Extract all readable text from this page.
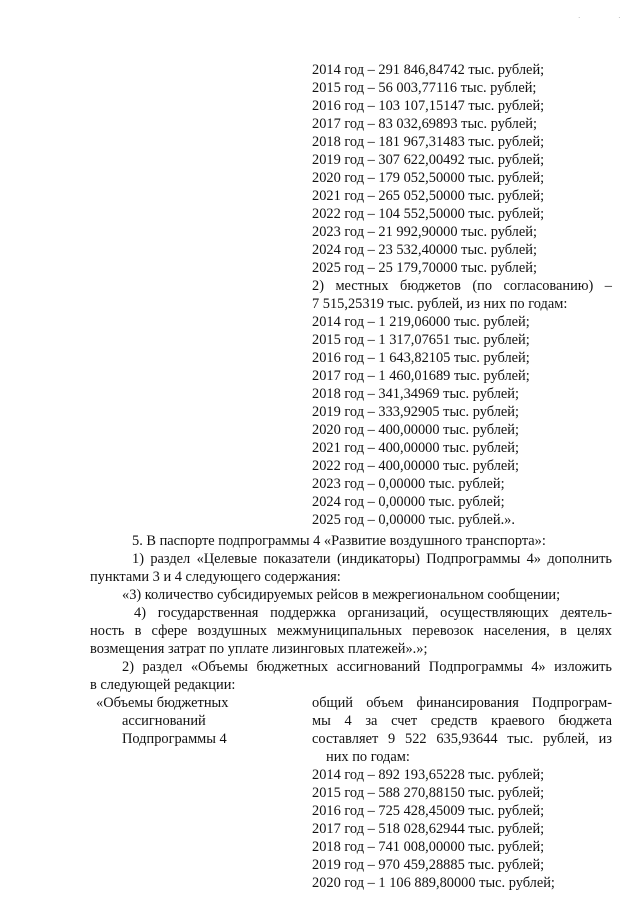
· ·
2014 год – 291 846,84742 тыс. рублей;
2015 год – 56 003,77116 тыс. рублей;
2016 год – 103 107,15147 тыс. рублей;
2017 год – 83 032,69893 тыс. рублей;
2018 год – 181 967,31483 тыс. рублей;
2019 год – 307 622,00492 тыс. рублей;
2020 год – 179 052,50000 тыс. рублей;
2021 год – 265 052,50000 тыс. рублей;
2022 год – 104 552,50000 тыс. рублей;
2023 год – 21 992,90000 тыс. рублей;
2024 год – 23 532,40000 тыс. рублей;
2025 год – 25 179,70000 тыс. рублей;
2) местных бюджетов (по согласованию) –
7 515,25319 тыс. рублей, из них по годам:
2014 год – 1 219,06000 тыс. рублей;
2015 год – 1 317,07651 тыс. рублей;
2016 год – 1 643,82105 тыс. рублей;
2017 год – 1 460,01689 тыс. рублей;
2018 год – 341,34969 тыс. рублей;
2019 год – 333,92905 тыс. рублей;
2020 год – 400,00000 тыс. рублей;
2021 год – 400,00000 тыс. рублей;
2022 год – 400,00000 тыс. рублей;
2023 год – 0,00000 тыс. рублей;
2024 год – 0,00000 тыс. рублей;
2025 год – 0,00000 тыс. рублей.».
5. В паспорте подпрограммы 4 «Развитие воздушного транспорта»:
1) раздел «Целевые показатели (индикаторы) Подпрограммы 4» дополнить
пунктами 3 и 4 следующего содержания:
«3) количество субсидируемых рейсов в межрегиональном сообщении;
4) государственная поддержка организаций, осуществляющих деятель-
ность в сфере воздушных межмуниципальных перевозок населения, в целях
возмещения затрат по уплате лизинговых платежей».»;
2) раздел «Объемы бюджетных ассигнований Подпрограммы 4» изложить
в следующей редакции:
«Объемы бюджетных
ассигнований
Подпрограммы 4
общий объем финансирования Подпрограм-
мы 4 за счет средств краевого бюджета
составляет 9 522 635,93644 тыс. рублей, из
них по годам:
2014 год – 892 193,65228 тыс. рублей;
2015 год – 588 270,88150 тыс. рублей;
2016 год – 725 428,45009 тыс. рублей;
2017 год – 518 028,62944 тыс. рублей;
2018 год – 741 008,00000 тыс. рублей;
2019 год – 970 459,28885 тыс. рублей;
2020 год – 1 106 889,80000 тыс. рублей;
